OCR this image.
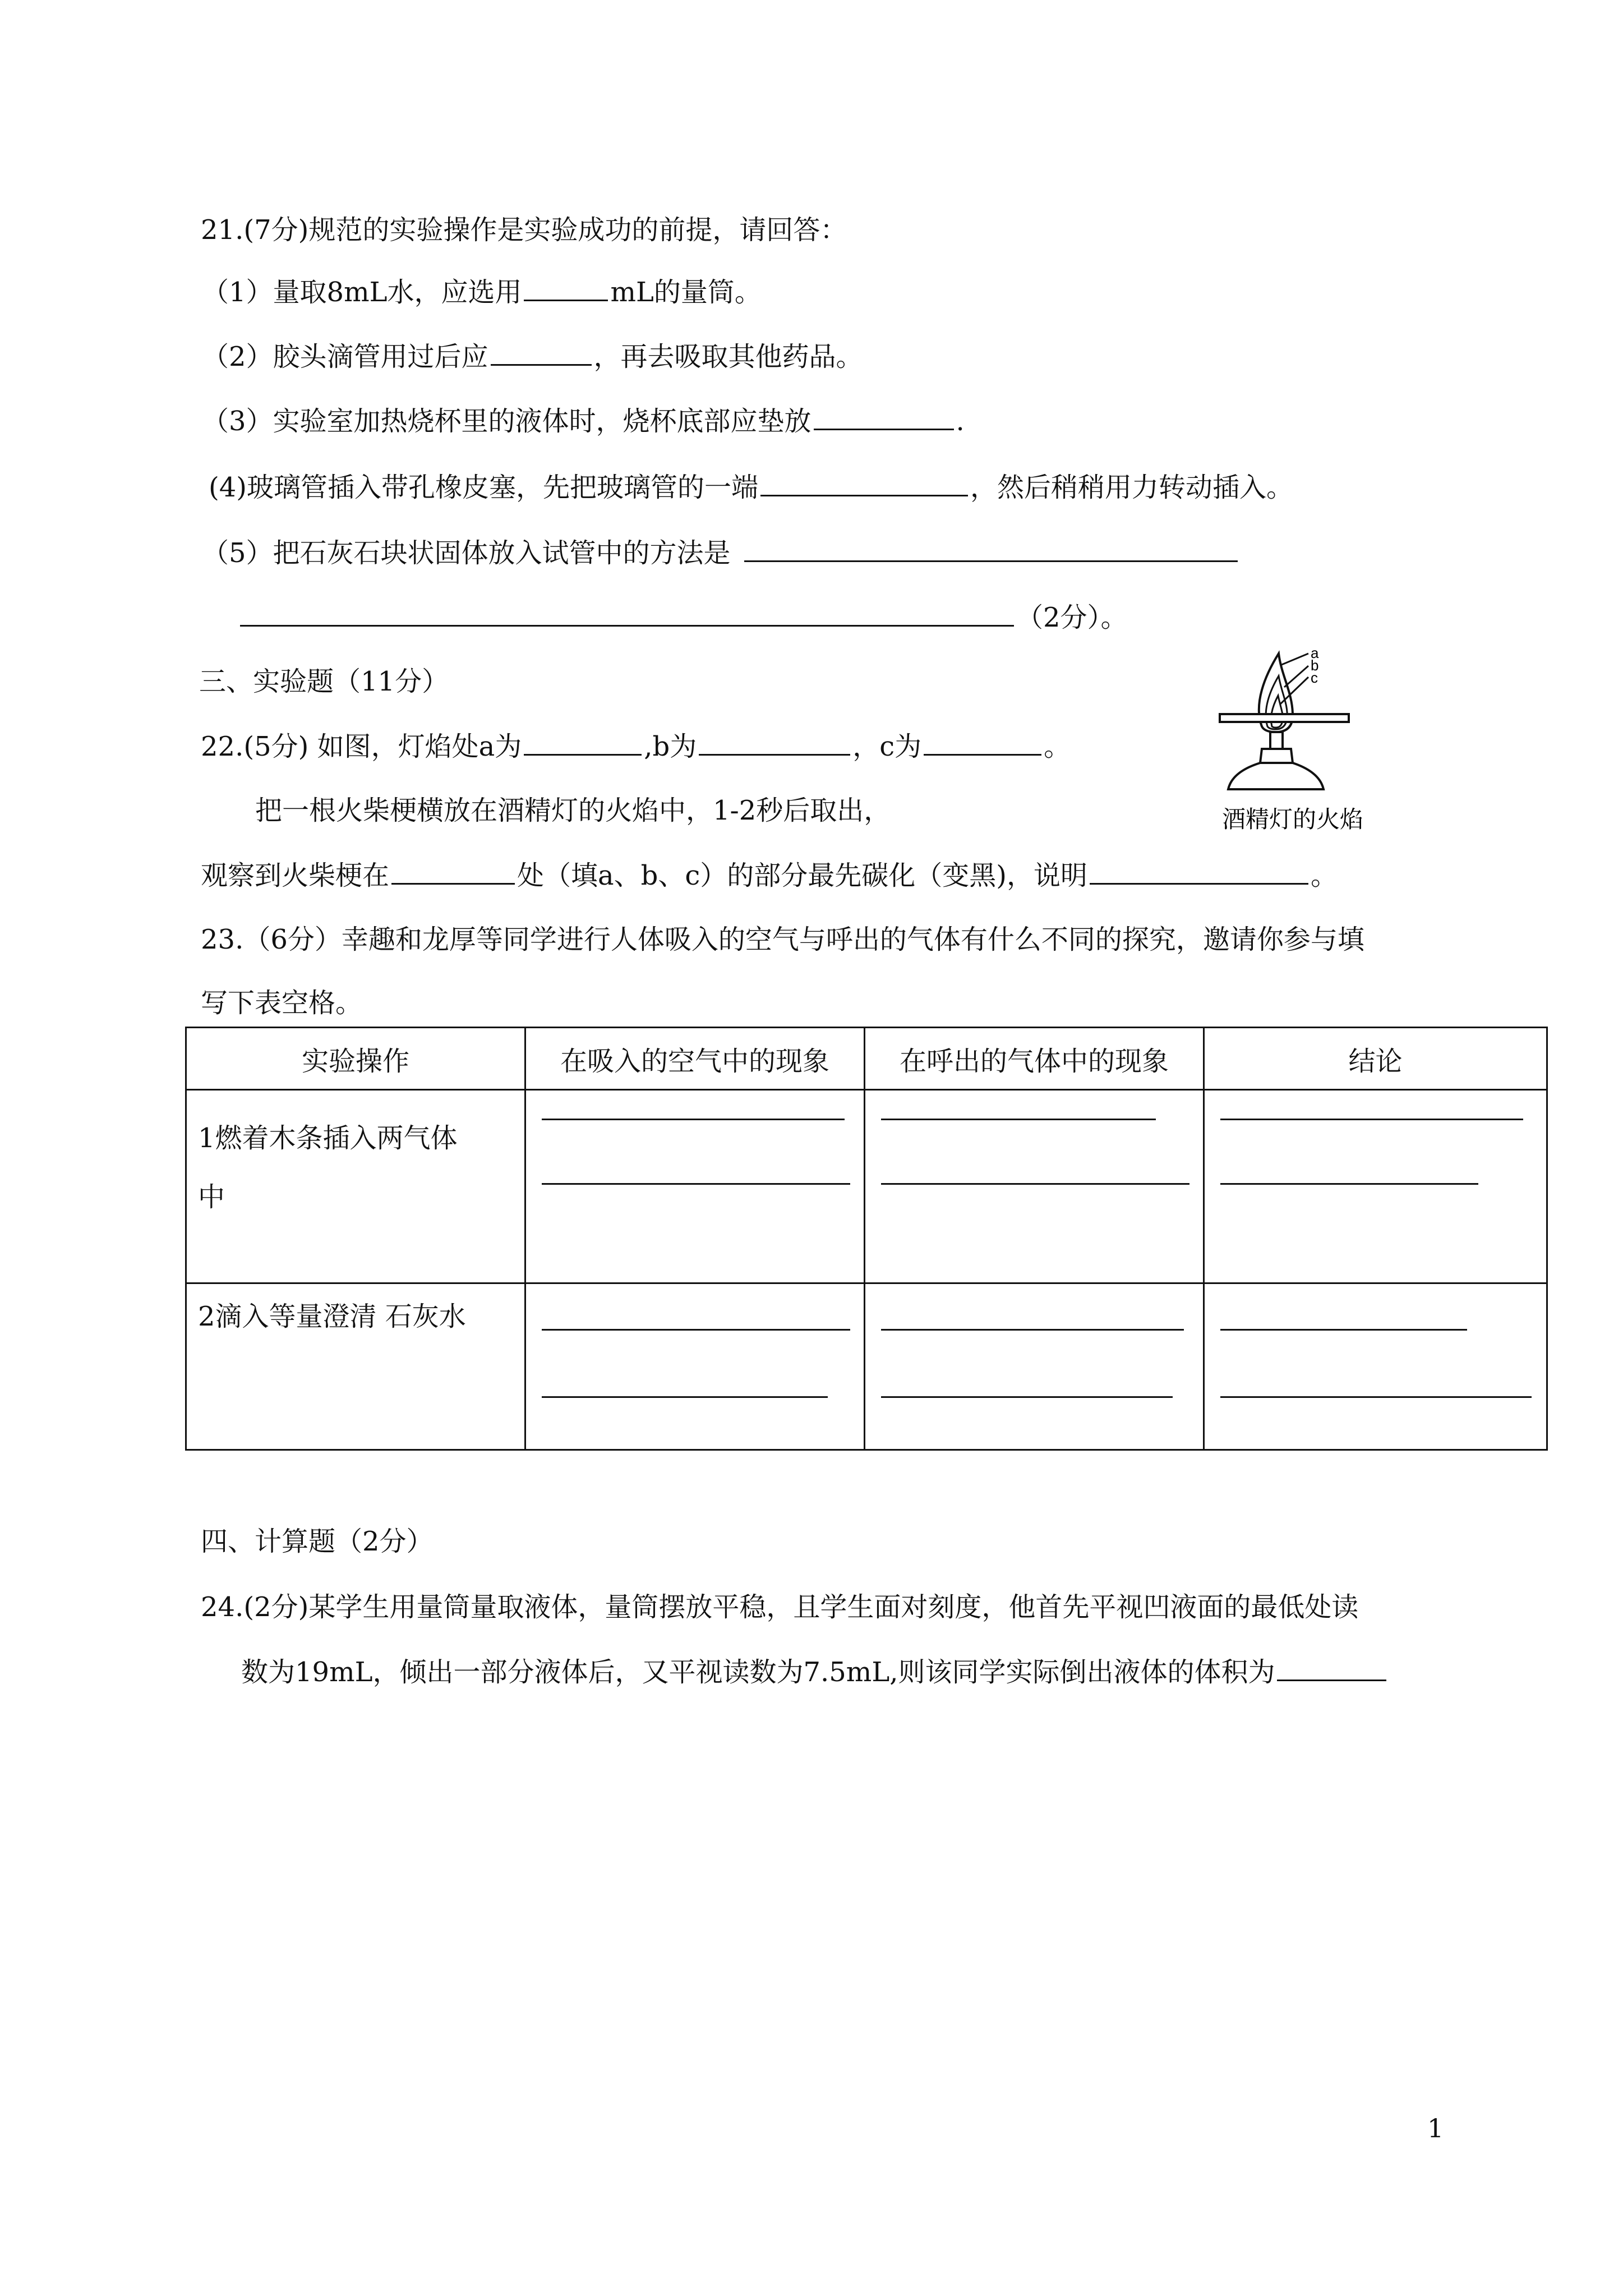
21.(7分)规范的实验操作是实验成功的前提，请回答：
（1）量取8mL水，应选用	mL的量筒。
（2）胶头滴管用过后应	，再去吸取其他药品。
（3）实验室加热烧杯里的液体时，烧杯底部应垫放	.
(4)玻璃管插入带孔橡皮塞，先把玻璃管的一端	，然后稍稍用力转动插入。
（5）把石灰石块状固体放入试管中的方法是
（2分）。
三、实验题（11分）
22.(5分) 如图，灯焰处a为	,b为	，c为	。
把一根火柴梗横放在酒精灯的火焰中，1-2秒后取出，
观察到火柴梗在	处（填a、b、c）的部分最先碳化（变黑)，说明	。
a
b
c
酒精灯的火焰
23.（6分）幸趣和龙厚等同学进行人体吸入的空气与呼出的气体有什么不同的探究，邀请你参与填
写下表空格。
实验操作	在吸入的空气中的现象	在呼出的气体中的现象	结论

1燃着木条插入两气体
中			

2滴入等量澄清 石灰水			

四、计算题（2分）
24.(2分)某学生用量筒量取液体，量筒摆放平稳，且学生面对刻度，他首先平视凹液面的最低处读
数为19mL，倾出一部分液体后，又平视读数为7.5mL,则该同学实际倒出液体的体积为
1
